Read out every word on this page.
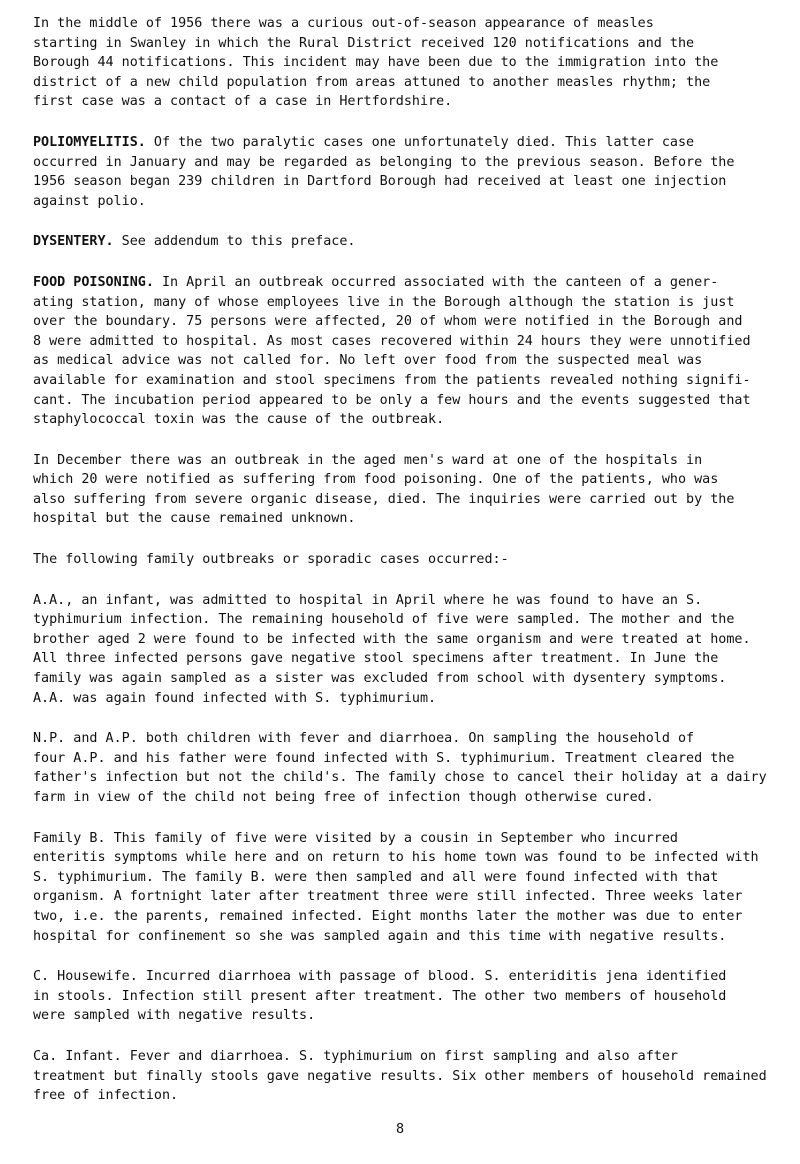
In the middle of 1956 there was a curious out-of-season appearance of measles
starting in Swanley in which the Rural District received 120 notifications and the
Borough 44 notifications. This incident may have been due to the immigration into the
district of a new child population from areas attuned to another measles rhythm; the
first case was a contact of a case in Hertfordshire.

POLIOMYELITIS. Of the two paralytic cases one unfortunately died. This latter case
occurred in January and may be regarded as belonging to the previous season. Before the
1956 season began 239 children in Dartford Borough had received at least one injection
against polio.

DYSENTERY. See addendum to this preface.

FOOD POISONING. In April an outbreak occurred associated with the canteen of a gener-
ating station, many of whose employees live in the Borough although the station is just
over the boundary. 75 persons were affected, 20 of whom were notified in the Borough and
8 were admitted to hospital. As most cases recovered within 24 hours they were unnotified
as medical advice was not called for. No left over food from the suspected meal was
available for examination and stool specimens from the patients revealed nothing signifi-
cant. The incubation period appeared to be only a few hours and the events suggested that
staphylococcal toxin was the cause of the outbreak.

In December there was an outbreak in the aged men's ward at one of the hospitals in
which 20 were notified as suffering from food poisoning. One of the patients, who was
also suffering from severe organic disease, died. The inquiries were carried out by the
hospital but the cause remained unknown.

The following family outbreaks or sporadic cases occurred:-

A.A., an infant, was admitted to hospital in April where he was found to have an S.
typhimurium infection. The remaining household of five were sampled. The mother and the
brother aged 2 were found to be infected with the same organism and were treated at home.
All three infected persons gave negative stool specimens after treatment. In June the
family was again sampled as a sister was excluded from school with dysentery symptoms.
A.A. was again found infected with S. typhimurium.

N.P. and A.P. both children with fever and diarrhoea. On sampling the household of
four A.P. and his father were found infected with S. typhimurium. Treatment cleared the
father's infection but not the child's. The family chose to cancel their holiday at a dairy
farm in view of the child not being free of infection though otherwise cured.

Family B. This family of five were visited by a cousin in September who incurred
enteritis symptoms while here and on return to his home town was found to be infected with
S. typhimurium. The family B. were then sampled and all were found infected with that
organism. A fortnight later after treatment three were still infected. Three weeks later
two, i.e. the parents, remained infected. Eight months later the mother was due to enter
hospital for confinement so she was sampled again and this time with negative results.

C. Housewife. Incurred diarrhoea with passage of blood. S. enteriditis jena identified
in stools. Infection still present after treatment. The other two members of household
were sampled with negative results.

Ca. Infant. Fever and diarrhoea. S. typhimurium on first sampling and also after
treatment but finally stools gave negative results. Six other members of household remained
free of infection.

8
